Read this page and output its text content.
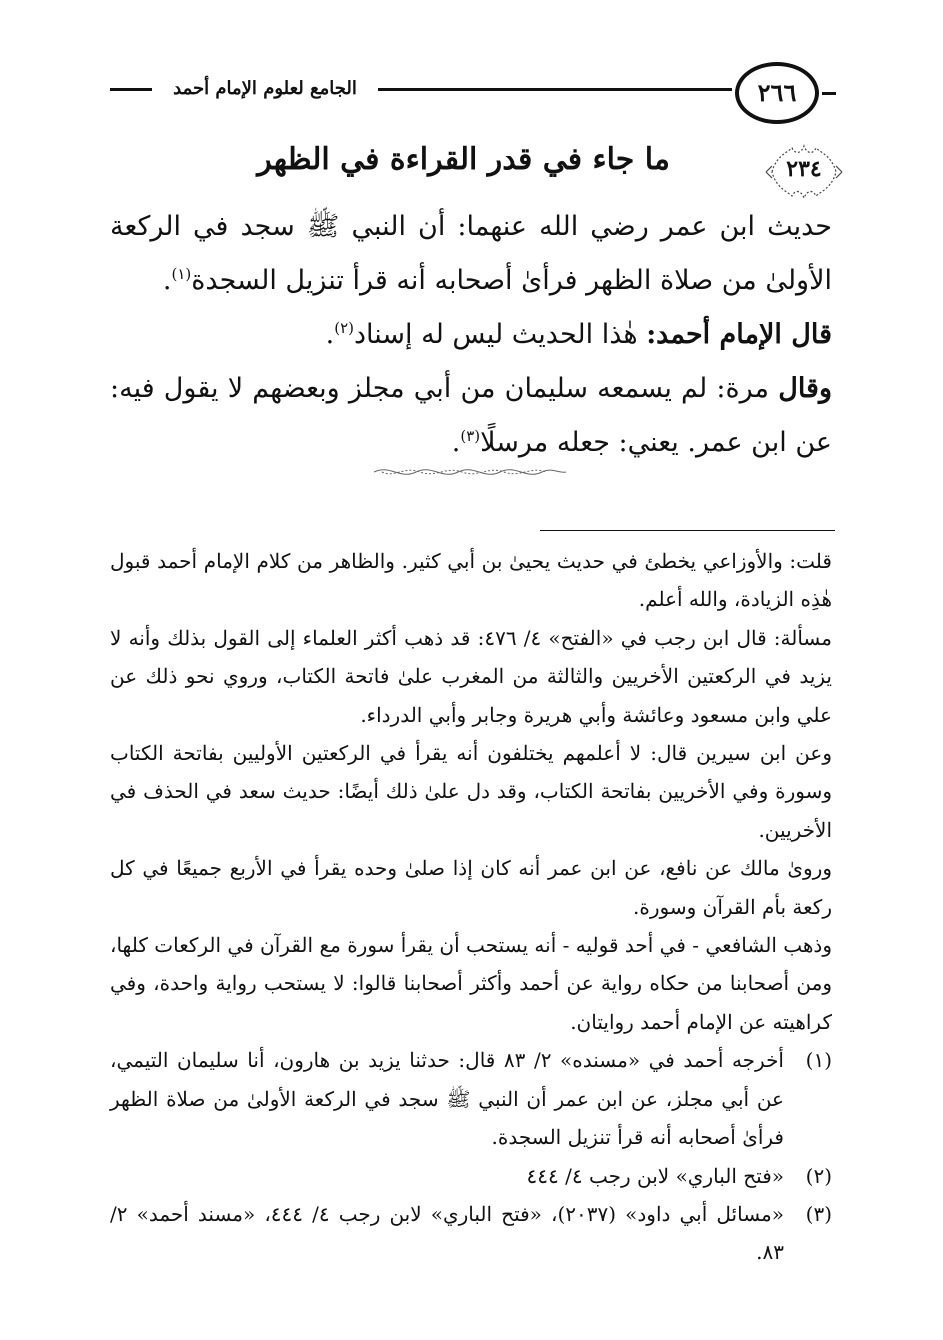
الجامع لعلوم الإمام أحمد	٢٦٦
٢٣٤
ما جاء في قدر القراءة في الظهر

حديث ابن عمر رضي الله عنهما: أن النبي ﷺ سجد في الركعة الأولىٰ من صلاة الظهر فرأىٰ أصحابه أنه قرأ تنزيل السجدة$^{(١)}$.

قال الإمام أحمد: هٰذا الحديث ليس له إسناد$^{(٢)}$.

وقال مرة: لم يسمعه سليمان من أبي مجلز وبعضهم لا يقول فيه: عن ابن عمر. يعني: جعله مرسلًا$^{(٣)}$.

قلت: والأوزاعي يخطئ في حديث يحيىٰ بن أبي كثير. والظاهر من كلام الإمام أحمد قبول هٰذِه الزيادة، والله أعلم.

مسألة: قال ابن رجب في «الفتح» ٤/ ٤٧٦: قد ذهب أكثر العلماء إلى القول بذلك وأنه لا يزيد في الركعتين الأخريين والثالثة من المغرب علىٰ فاتحة الكتاب، وروي نحو ذلك عن علي وابن مسعود وعائشة وأبي هريرة وجابر وأبي الدرداء.

وعن ابن سيرين قال: لا أعلمهم يختلفون أنه يقرأ في الركعتين الأوليين بفاتحة الكتاب وسورة وفي الأخريين بفاتحة الكتاب، وقد دل علىٰ ذلك أيضًا: حديث سعد في الحذف في الأخريين.

وروىٰ مالك عن نافع، عن ابن عمر أنه كان إذا صلىٰ وحده يقرأ في الأربع جميعًا في كل ركعة بأم القرآن وسورة.

وذهب الشافعي - في أحد قوليه - أنه يستحب أن يقرأ سورة مع القرآن في الركعات كلها، ومن أصحابنا من حكاه رواية عن أحمد وأكثر أصحابنا قالوا: لا يستحب رواية واحدة، وفي كراهيته عن الإمام أحمد روايتان.

(١)
أخرجه أحمد في «مسنده» ٢/ ٨٣ قال: حدثنا يزيد بن هارون، أنا سليمان التيمي، عن أبي مجلز، عن ابن عمر أن النبي ﷺ سجد في الركعة الأولىٰ من صلاة الظهر فرأىٰ أصحابه أنه قرأ تنزيل السجدة.
(٢)
«فتح الباري» لابن رجب ٤/ ٤٤٤
(٣)
«مسائل أبي داود» (٢٠٣٧)، «فتح الباري» لابن رجب ٤/ ٤٤٤، «مسند أحمد» ٢/ ٨٣.
